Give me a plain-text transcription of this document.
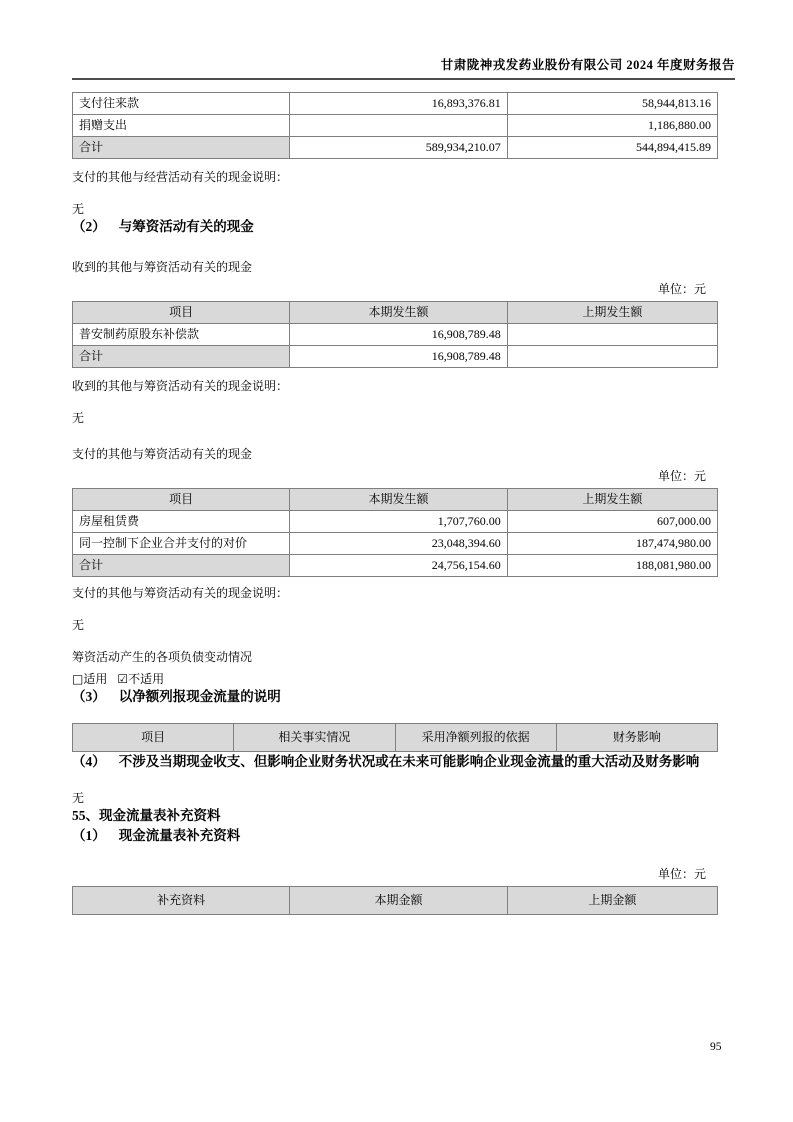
甘肃陇神戎发药业股份有限公司 2024 年度财务报告
支付往来款	16,893,376.81	58,944,813.16
捐赠支出		1,186,880.00
合计	589,934,210.07	544,894,415.89

支付的其他与经营活动有关的现金说明：

无

（2） 与筹资活动有关的现金

收到的其他与筹资活动有关的现金

单位：元
项目	本期发生额	上期发生额
普安制药原股东补偿款	16,908,789.48	
合计	16,908,789.48	

收到的其他与筹资活动有关的现金说明：

无

支付的其他与筹资活动有关的现金

单位：元
项目	本期发生额	上期发生额
房屋租赁费	1,707,760.00	607,000.00
同一控制下企业合并支付的对价	23,048,394.60	187,474,980.00
合计	24,756,154.60	188,081,980.00

支付的其他与筹资活动有关的现金说明：

无

筹资活动产生的各项负债变动情况

□适用 ☑不适用

（3） 以净额列报现金流量的说明
项目	相关事实情况	采用净额列报的依据	财务影响
（4） 不涉及当期现金收支、但影响企业财务状况或在未来可能影响企业现金流量的重大活动及财务影响

无

55、现金流量表补充资料
（1） 现金流量表补充资料
单位：元
补充资料	本期金额	上期金额
95
